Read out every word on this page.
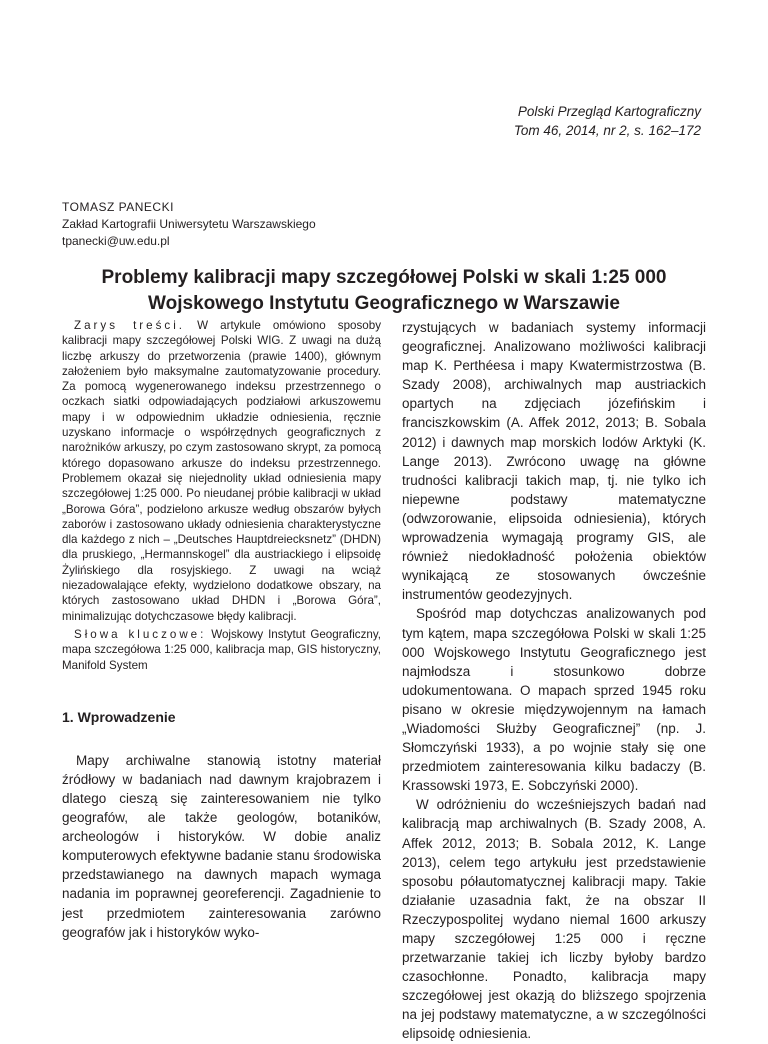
Polski Przegląd Kartograficzny
Tom 46, 2014, nr 2, s. 162–172
TOMASZ PANECKI
Zakład Kartografii Uniwersytetu Warszawskiego
tpanecki@uw.edu.pl
Problemy kalibracji mapy szczegółowej Polski w skali 1:25 000
Wojskowego Instytutu Geograficznego w Warszawie

Zarys treści. W artykule omówiono sposoby kalibracji mapy szczegółowej Polski WIG. Z uwagi na dużą liczbę arkuszy do przetworzenia (prawie 1400), głównym założeniem było maksymalne zautomatyzowanie procedury. Za pomocą wygenerowanego indeksu przestrzennego o oczkach siatki odpowiadających podziałowi arkuszowemu mapy i w odpowiednim układzie odniesienia, ręcznie uzyskano informacje o współrzędnych geograficznych z narożników arkuszy, po czym zastosowano skrypt, za pomocą którego dopasowano arkusze do indeksu przestrzennego. Problemem okazał się niejednolity układ odniesienia mapy szczegółowej 1:25 000. Po nieudanej próbie kalibracji w układ „Borowa Góra”, podzielono arkusze według obszarów byłych zaborów i zastosowano układy odniesienia charakterystyczne dla każdego z nich – „Deutsches Hauptdreiecksnetz” (DHDN) dla pruskiego, „Hermannskogel” dla austriackiego i elipsoidę Żylińskiego dla rosyjskiego. Z uwagi na wciąż niezadowalające efekty, wydzielono dodatkowe obszary, na których zastosowano układ DHDN i „Borowa Góra”, minimalizując dotychczasowe błędy kalibracji.

Słowa kluczowe: Wojskowy Instytut Geograficzny, mapa szczegółowa 1:25 000, kalibracja map, GIS historyczny, Manifold System

1. Wprowadzenie

Mapy archiwalne stanowią istotny materiał źródłowy w badaniach nad dawnym krajobrazem i dlatego cieszą się zainteresowaniem nie tylko geografów, ale także geologów, botaników, archeologów i historyków. W dobie analiz komputerowych efektywne badanie stanu środowiska przedstawianego na dawnych mapach wymaga nadania im poprawnej georeferencji. Zagadnienie to jest przedmiotem zainteresowania zarówno geografów jak i historyków wyko-

rzystujących w badaniach systemy informacji geograficznej. Analizowano możliwości kalibracji map K. Perthéesa i mapy Kwatermistrzostwa (B. Szady 2008), archiwalnych map austriackich opartych na zdjęciach józefińskim i franciszkowskim (A. Affek 2012, 2013; B. Sobala 2012) i dawnych map morskich lodów Arktyki (K. Lange 2013). Zwrócono uwagę na główne trudności kalibracji takich map, tj. nie tylko ich niepewne podstawy matematyczne (odwzorowanie, elipsoida odniesienia), których wprowadzenia wymagają programy GIS, ale również niedokładność położenia obiektów wynikającą ze stosowanych ówcześnie instrumentów geodezyjnych.

Spośród map dotychczas analizowanych pod tym kątem, mapa szczegółowa Polski w skali 1:25 000 Wojskowego Instytutu Geograficznego jest najmłodsza i stosunkowo dobrze udokumentowana. O mapach sprzed 1945 roku pisano w okresie międzywojennym na łamach „Wiadomości Służby Geograficznej” (np. J. Słomczyński 1933), a po wojnie stały się one przedmiotem zainteresowania kilku badaczy (B. Krassowski 1973, E. Sobczyński 2000).

W odróżnieniu do wcześniejszych badań nad kalibracją map archiwalnych (B. Szady 2008, A. Affek 2012, 2013; B. Sobala 2012, K. Lange 2013), celem tego artykułu jest przedstawienie sposobu półautomatycznej kalibracji mapy. Takie działanie uzasadnia fakt, że na obszar II Rzeczypospolitej wydano niemal 1600 arkuszy mapy szczegółowej 1:25 000 i ręczne przetwarzanie takiej ich liczby byłoby bardzo czasochłonne. Ponadto, kalibracja mapy szczegółowej jest okazją do bliższego spojrzenia na jej podstawy matematyczne, a w szczególności elipsoidę odniesienia.
